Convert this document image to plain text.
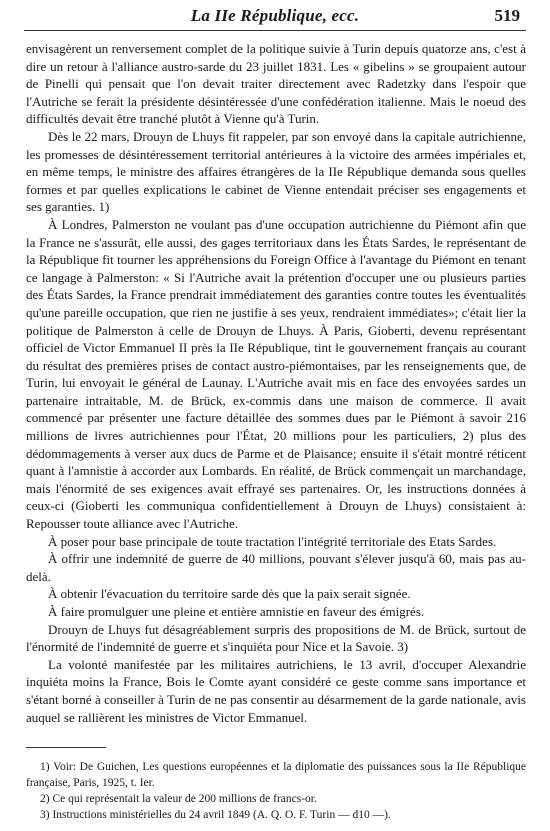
La IIe République, ecc.	519

envisagèrent un renversement complet de la politique suivie à Turin depuis quatorze ans, c'est à dire un retour à l'alliance austro-sarde du 23 juillet 1831. Les « gibelins » se groupaient autour de Pinelli qui pensait que l'on devait traiter directement avec Radetzky dans l'espoir que l'Autriche se ferait la présidente désintéressée d'une confédération italienne. Mais le noeud des difficultés devait être tranché plutôt à Vienne qu'à Turin.

Dès le 22 mars, Drouyn de Lhuys fit rappeler, par son envoyé dans la capitale autrichienne, les promesses de désintéressement territorial antérieures à la victoire des armées impériales et, en même temps, le ministre des affaires étrangères de la IIe République demanda sous quelles formes et par quelles explications le cabinet de Vienne entendait préciser ses engagements et ses garanties. 1)

À Londres, Palmerston ne voulant pas d'une occupation autrichienne du Piémont afin que la France ne s'assurât, elle aussi, des gages territoriaux dans les États Sardes, le représentant de la République fit tourner les appréhensions du Foreign Office à l'avantage du Piémont en tenant ce langage à Palmerston: « Si l'Autriche avait la prétention d'occuper une ou plusieurs parties des États Sardes, la France prendrait immédiatement des garanties contre toutes les éventualités qu'une pareille occupation, que rien ne justifie à ses yeux, rendraient immédiates»; c'était lier la politique de Palmerston à celle de Drouyn de Lhuys. À Paris, Gioberti, devenu représentant officiel de Victor Emmanuel II près la IIe République, tint le gouvernement français au courant du résultat des premières prises de contact austro-piémontaises, par les renseignements que, de Turin, lui envoyait le général de Launay. L'Autriche avait mis en face des envoyées sardes un partenaire intraitable, M. de Brück, ex-commis dans une maison de commerce. Il avait commencé par présenter une facture détaillée des sommes dues par le Piémont à savoir 216 millions de livres autrichiennes pour l'État, 20 millions pour les particuliers, 2) plus des dédommagements à verser aux ducs de Parme et de Plaisance; ensuite il s'était montré réticent quant à l'amnistie à accorder aux Lombards. En réalité, de Brück commençait un marchandage, mais l'énormité de ses exigences avait effrayé ses partenaires. Or, les instructions données à ceux-ci (Gioberti les communiqua confidentiellement à Drouyn de Lhuys) consistaient à: Repousser toute alliance avec l'Autriche.

À poser pour base principale de toute tractation l'intégrité territoriale des Etats Sardes.

À offrir une indemnité de guerre de 40 millions, pouvant s'élever jusqu'à 60, mais pas au-delà.

À obtenir l'évacuation du territoire sarde dès que la paix serait signée.

À faire promulguer une pleine et entière amnistie en faveur des émigrés.

Drouyn de Lhuys fut désagréablement surpris des propositions de M. de Brück, surtout de l'énormité de l'indemnité de guerre et s'inquiéta pour Nice et la Savoie. 3)

La volonté manifestée par les militaires autrichiens, le 13 avril, d'occuper Alexandrie inquiéta moins la France, Bois le Comte ayant considéré ce geste comme sans importance et s'étant borné à conseiller à Turin de ne pas consentir au désarmement de la garde nationale, avis auquel se rallièrent les ministres de Victor Emmanuel.

1) Voir: De Guichen, Les questions européennes et la diplomatie des puissances sous la IIe République française, Paris, 1925, t. Ier.

2) Ce qui représentait la valeur de 200 millions de francs-or.

3) Instructions ministérielles du 24 avril 1849 (A. Q. O. F. Turin — d10 —).
